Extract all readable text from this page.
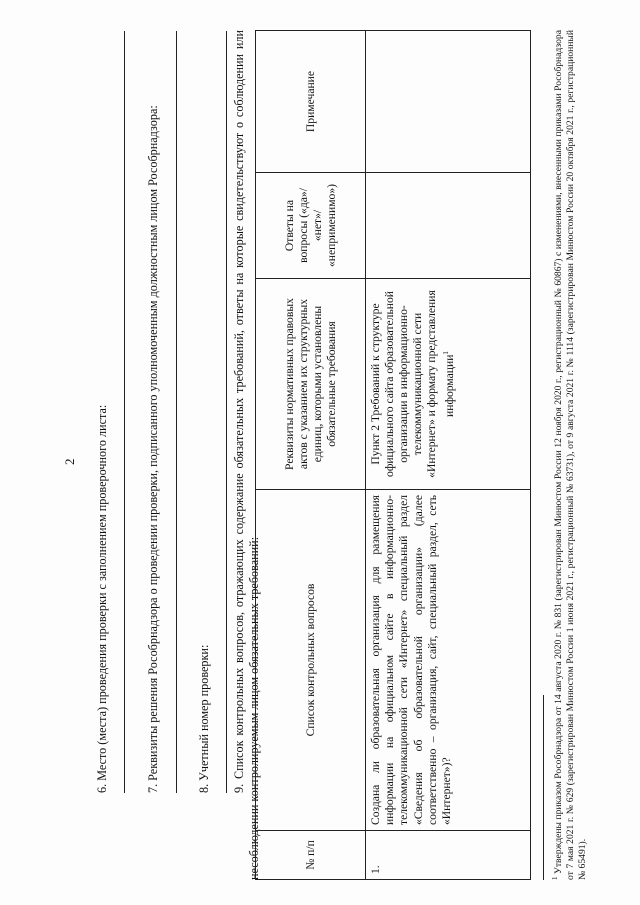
2 6. Место (места) проведения проверки с заполнением проверочного листа:	7. Реквизиты решения Рособрнадзора о проведении проверки, подписанного уполномоченным должностным лицом Рособрнадзора:	8. Учетный номер проверки: 9. Список контрольных вопросов, отражающих содержание обязательных требований, ответы на которые свидетельствуют о соблюдении или несоблюдении контролируемым лицом обязательных требований:	№ п/п	Список контрольных вопросов	Реквизиты нормативных правовых актов с указанием их структурных единиц, которыми установлены обязательные требования	Ответы на вопросы («да»/ «нет»/ «неприменимо»)	Примечание
1.	Создана ли образовательная организация для размещения информации на официальном сайте в информационно-телекоммуникационной сети «Интернет» специальный раздел «Сведения об образовательной организации» (далее соответственно – организация, сайт, специальный раздел, сеть «Интернет»)?	Пункт 2 Требований к структуре официального сайта образовательной организации в информационно-телекоммуникационной сети «Интернет» и формату представления информации$^1$		
$^1$ Утверждены приказом Рособрнадзора от 14 августа 2020 г. № 831 (зарегистрирован Минюстом России 12 ноября 2020 г., регистрационный № 60867) с изменениями, внесенными приказами Рособрнадзора от 7 мая 2021 г. № 629 (зарегистрирован Минюстом России 1 июня 2021 г., регистрационный № 63731), от 9 августа 2021 г. № 1114 (зарегистрирован Минюстом России 20 октября 2021 г., регистрационный № 65491).
